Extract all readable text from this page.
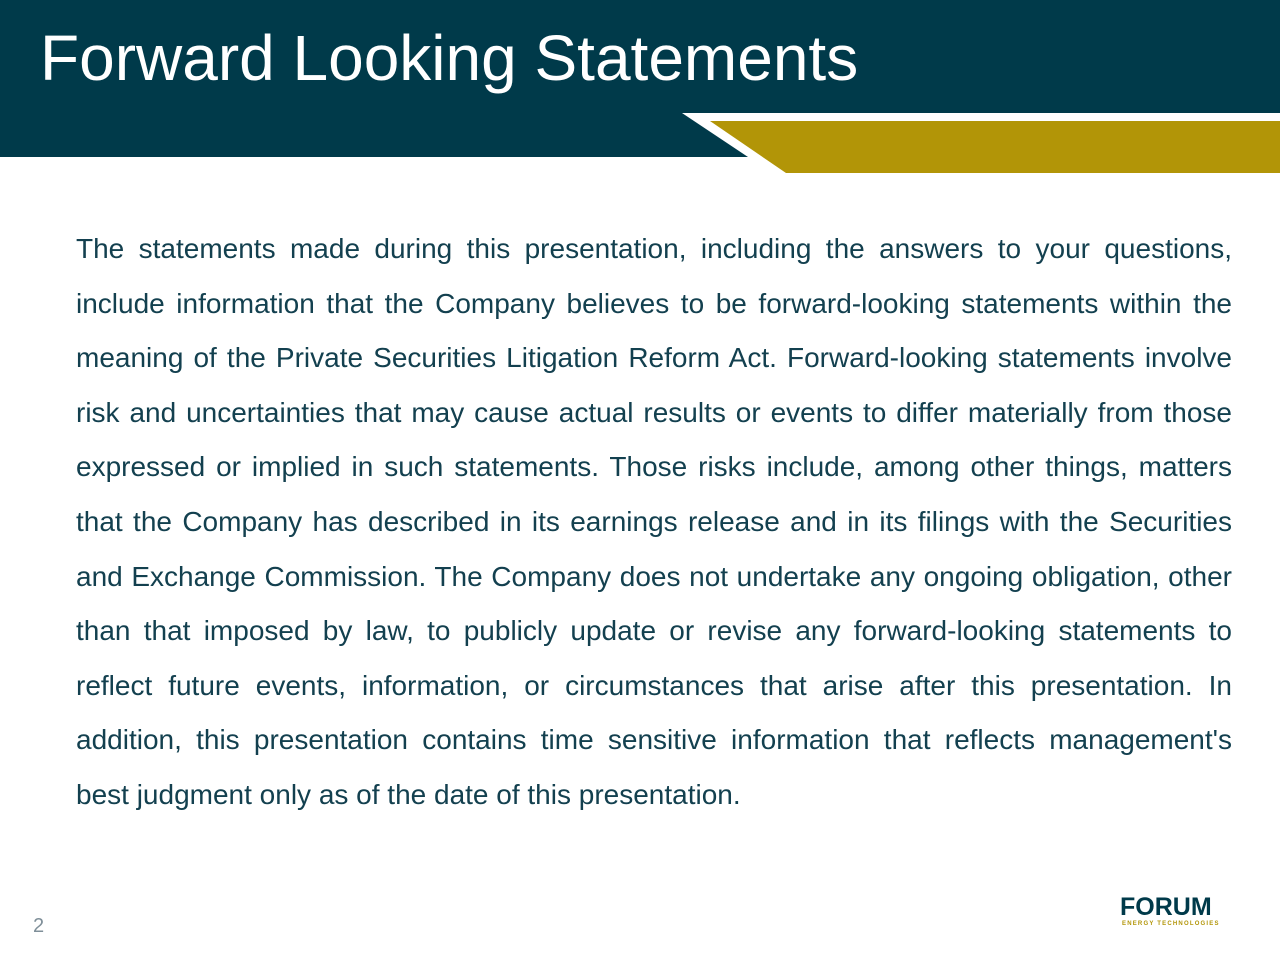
Forward Looking Statements

The statements made during this presentation, including the answers to your questions, include information that the Company believes to be forward-looking statements within the meaning of the Private Securities Litigation Reform Act. Forward-looking statements involve risk and uncertainties that may cause actual results or events to differ materially from those expressed or implied in such statements. Those risks include, among other things, matters that the Company has described in its earnings release and in its filings with the Securities and Exchange Commission. The Company does not undertake any ongoing obligation, other than that imposed by law, to publicly update or revise any forward-looking statements to reflect future events, information, or circumstances that arise after this presentation. In addition, this presentation contains time sensitive information that reflects management's best judgment only as of the date of this presentation.

2
FORUM
ENERGY TECHNOLOGIES
